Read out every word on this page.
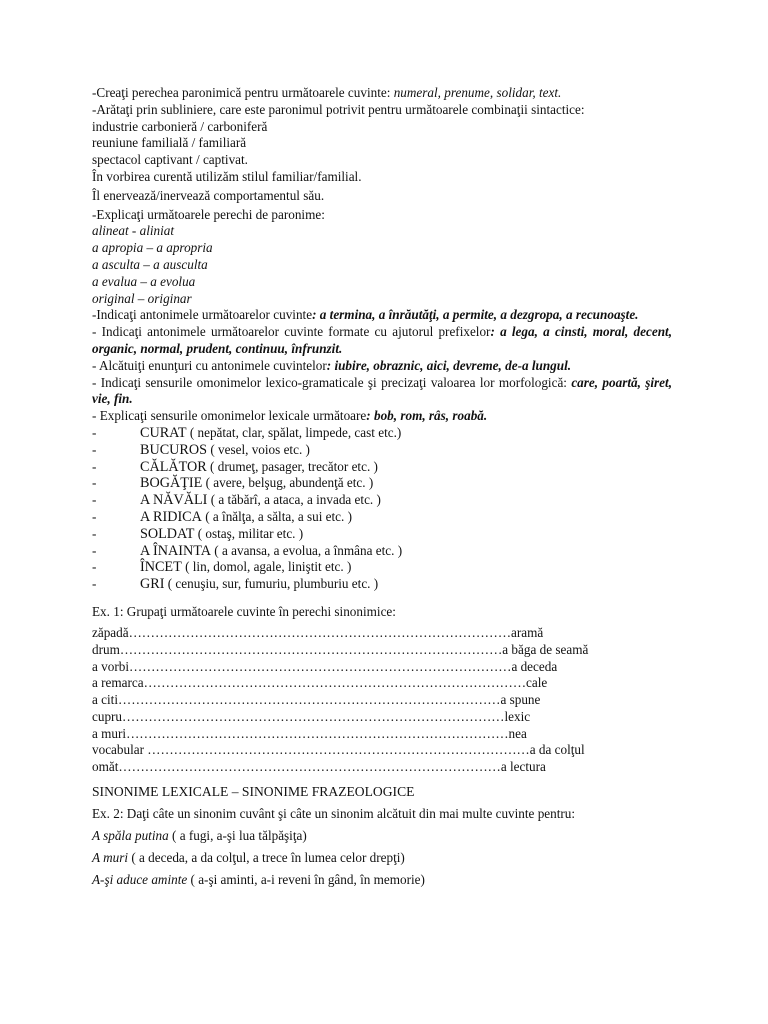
-Creaţi perechea paronimică pentru următoarele cuvinte: numeral, prenume, solidar, text.
-Arătaţi prin subliniere, care este paronimul potrivit pentru următoarele combinaţii sintactice:
industrie carbonieră / carboniferă
reuniune familială / familiară
spectacol captivant / captivat.
În vorbirea curentă utilizăm stilul familiar/familial.
Îl enervează/inervează comportamentul său.
-Explicaţi următoarele perechi de paronime:
alineat - aliniat
a apropia – a apropria
a asculta – a ausculta
a evalua – a evolua
original – originar
-Indicaţi antonimele următoarelor cuvinte: a termina, a înrăutăţi, a permite, a dezgropa, a recunoaşte.
- Indicaţi antonimele următoarelor cuvinte formate cu ajutorul prefixelor: a lega, a cinsti, moral, decent, organic, normal, prudent, continuu, înfrunzit.
- Alcătuiţi enunţuri cu antonimele cuvintelor: iubire, obraznic, aici, devreme, de-a lungul.
- Indicaţi sensurile omonimelor lexico-gramaticale şi precizaţi valoarea lor morfologică: care, poartă, şiret, vie, fin.
- Explicaţi sensurile omonimelor lexicale următoare: bob, rom, râs, roabă.
-	CURAT ( nepătat, clar, spălat, limpede, cast etc.)
-	BUCUROS ( vesel, voios etc. )
-	CĂLĂTOR ( drumeţ, pasager, trecător etc. )
-	BOGĂŢIE ( avere, belşug, abundenţă etc. )
-	A NĂVĂLI ( a tăbărî, a ataca, a invada etc. )
-	A RIDICA ( a înălţa, a sălta, a sui etc. )
-	SOLDAT ( ostaş, militar etc. )
-	A ÎNAINTA ( a avansa, a evolua, a înmâna etc. )
-	ÎNCET ( lin, domol, agale, liniştit etc. )
-	GRI ( cenuşiu, sur, fumuriu, plumburiu etc. )
Ex. 1: Grupaţi următoarele cuvinte în perechi sinonimice:
zăpadă …………………………………………………………………………… aramă
drum …………………………………………………………………………… a băga de seamă
a vorbi …………………………………………………………………………… a deceda
a remarca …………………………………………………………………………… cale
a citi …………………………………………………………………………… a spune
cupru …………………………………………………………………………… lexic
a muri …………………………………………………………………………… nea
vocabular …………………………………………………………………………… a da colţul
omăt …………………………………………………………………………… a lectura
SINONIME LEXICALE – SINONIME FRAZEOLOGICE
Ex. 2: Daţi câte un sinonim cuvânt şi câte un sinonim alcătuit din mai multe cuvinte pentru:
A spăla putina ( a fugi, a-şi lua tălpăşiţa)
A muri ( a deceda, a da colţul, a trece în lumea celor drepţi)
A-şi aduce aminte ( a-şi aminti, a-i reveni în gând, în memorie)
